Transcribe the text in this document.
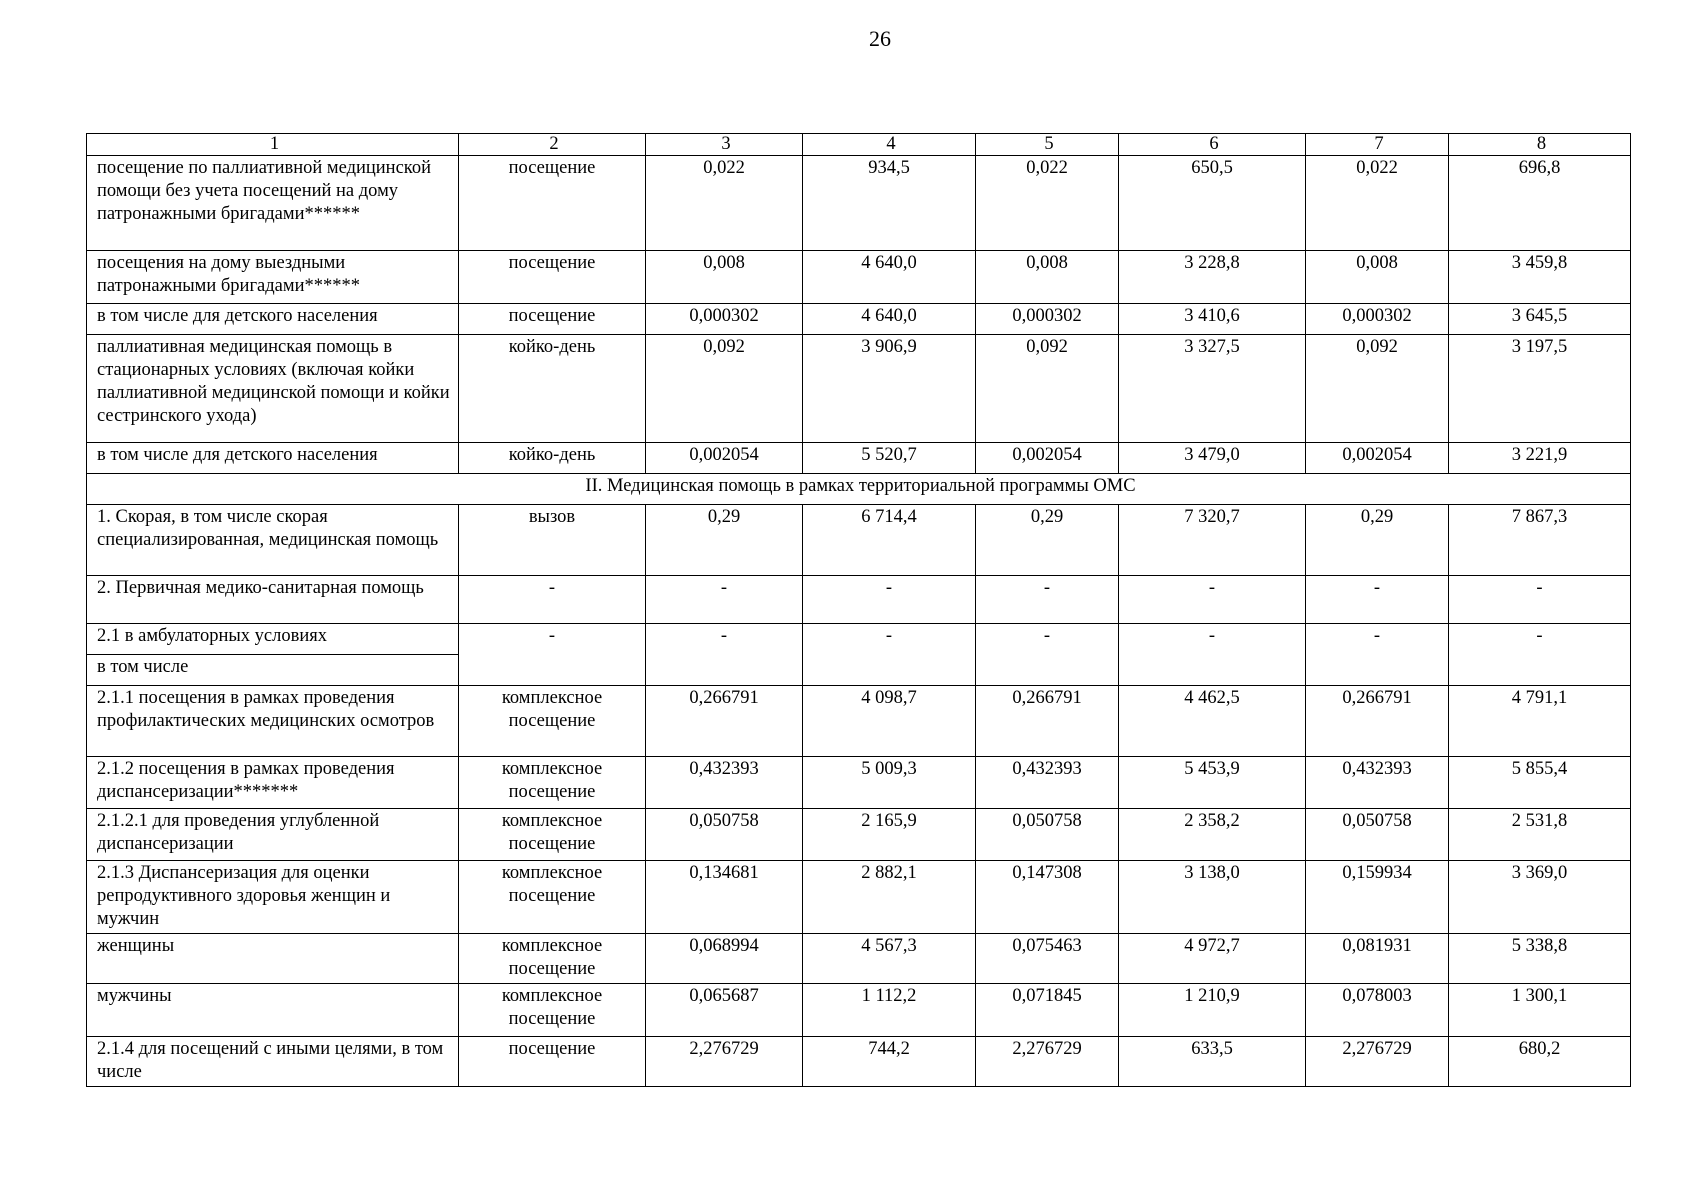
26
1	2	3	4	5	6	7	8
посещение по паллиативной медицинской помощи без учета посещений на дому патронажными бригадами******	посещение	0,022	934,5	0,022	650,5	0,022	696,8
посещения на дому выездными патронажными бригадами******	посещение	0,008	4 640,0	0,008	3 228,8	0,008	3 459,8
в том числе для детского населения	посещение	0,000302	4 640,0	0,000302	3 410,6	0,000302	3 645,5
паллиативная медицинская помощь в стационарных условиях (включая койки паллиативной медицинской помощи и койки сестринского ухода)	койко-день	0,092	3 906,9	0,092	3 327,5	0,092	3 197,5
в том числе для детского населения	койко-день	0,002054	5 520,7	0,002054	3 479,0	0,002054	3 221,9
II. Медицинская помощь в рамках территориальной программы ОМС							
1. Скорая, в том числе скорая специализированная, медицинская помощь	вызов	0,29	6 714,4	0,29	7 320,7	0,29	7 867,3
2. Первичная медико-санитарная помощь	-	-	-	-	-	-	-
2.1 в амбулаторных условиях	-	-	-	-	-	-	-
в том числе							
2.1.1 посещения в рамках проведения профилактических медицинских осмотров	комплексное посещение	0,266791	4 098,7	0,266791	4 462,5	0,266791	4 791,1
2.1.2 посещения в рамках проведения диспансеризации*******	комплексное посещение	0,432393	5 009,3	0,432393	5 453,9	0,432393	5 855,4
2.1.2.1 для проведения углубленной диспансеризации	комплексное посещение	0,050758	2 165,9	0,050758	2 358,2	0,050758	2 531,8
2.1.3 Диспансеризация для оценки репродуктивного здоровья женщин и мужчин	комплексное посещение	0,134681	2 882,1	0,147308	3 138,0	0,159934	3 369,0
женщины	комплексное посещение	0,068994	4 567,3	0,075463	4 972,7	0,081931	5 338,8
мужчины	комплексное посещение	0,065687	1 112,2	0,071845	1 210,9	0,078003	1 300,1
2.1.4 для посещений с иными целями, в том числе	посещение	2,276729	744,2	2,276729	633,5	2,276729	680,2
